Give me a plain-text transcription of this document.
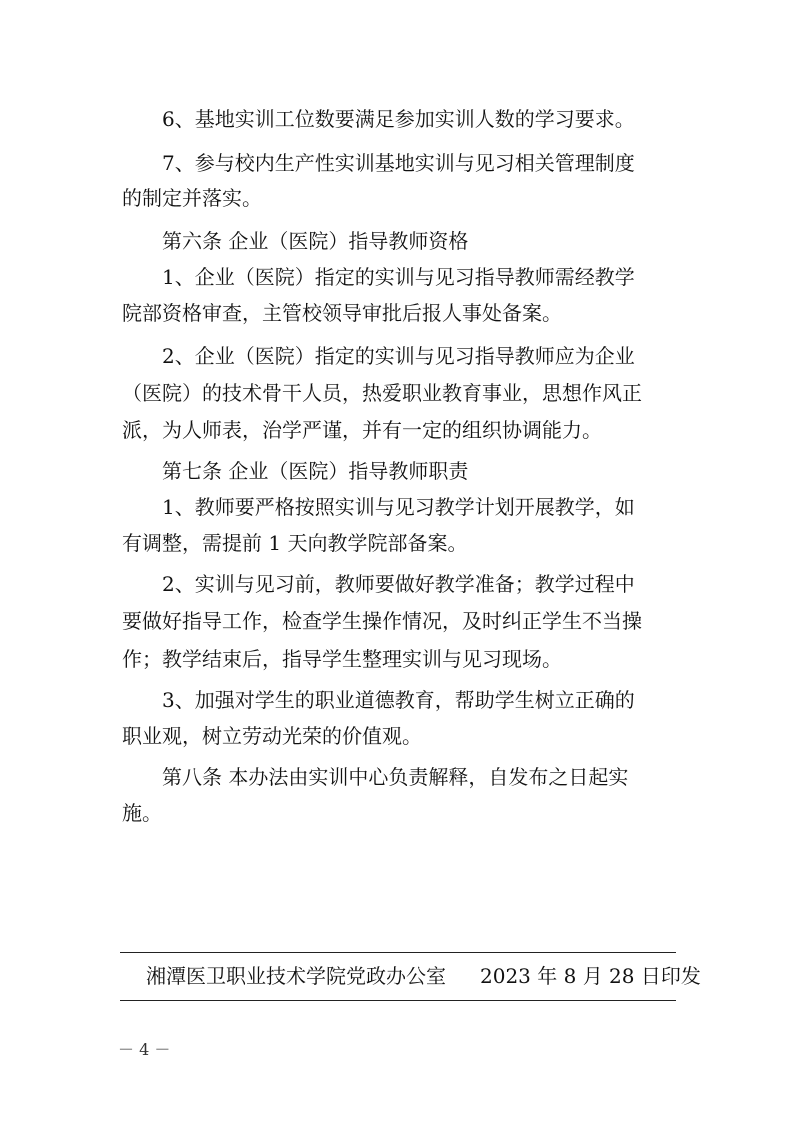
6、基地实训工位数要满足参加实训人数的学习要求。
7、参与校内生产性实训基地实训与见习相关管理制度
的制定并落实。
第六条 企业（医院）指导教师资格
1、企业（医院）指定的实训与见习指导教师需经教学
院部资格审查，主管校领导审批后报人事处备案。
2、企业（医院）指定的实训与见习指导教师应为企业
（医院）的技术骨干人员，热爱职业教育事业，思想作风正
派，为人师表，治学严谨，并有一定的组织协调能力。
第七条 企业（医院）指导教师职责
1、教师要严格按照实训与见习教学计划开展教学，如
有调整，需提前 1 天向教学院部备案。
2、实训与见习前，教师要做好教学准备；教学过程中
要做好指导工作，检查学生操作情况，及时纠正学生不当操
作；教学结束后，指导学生整理实训与见习现场。
3、加强对学生的职业道德教育，帮助学生树立正确的
职业观，树立劳动光荣的价值观。
第八条 本办法由实训中心负责解释，自发布之日起实
施。
湘潭医卫职业技术学院党政办公室 2023 年 8 月 28 日印发
－ 4 －
